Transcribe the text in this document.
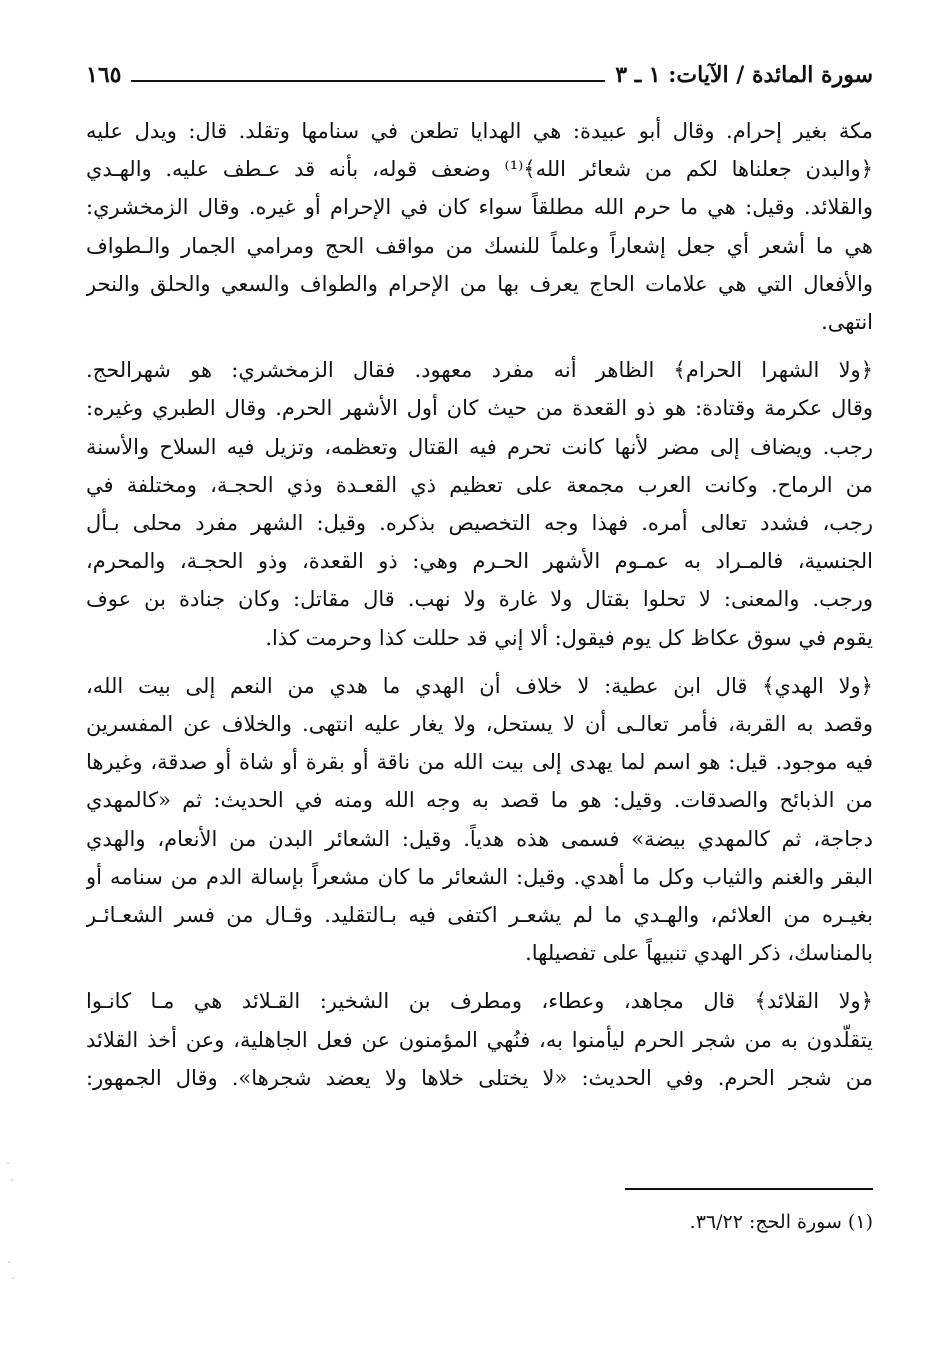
سورة المائدة / الآيات: ١ ـ ٣
١٦٥
مكة بغير إحرام. وقال أبو عبيدة: هي الهدايا تطعن في سنامها وتقلد. قال: ويدل عليه
﴿والبدن جعلناها لكم من شعائر الله﴾⁽¹⁾ وضعف قوله، بأنه قد عـطف عليه. والهـدي
والقلائد. وقيل: هي ما حرم الله مطلقاً سواء كان في الإحرام أو غيره. وقال الزمخشري:
هي ما أشعر أي جعل إشعاراً وعلماً للنسك من مواقف الحج ومرامي الجمار والـطواف
والأفعال التي هي علامات الحاج يعرف بها من الإحرام والطواف والسعي والحلق والنحر
انتهى.
﴿ولا الشهرا الحرام﴾ الظاهر أنه مفرد معهود. فقال الزمخشري: هو شهرالحج.
وقال عكرمة وقتادة: هو ذو القعدة من حيث كان أول الأشهر الحرم. وقال الطبري وغيره:
رجب. ويضاف إلى مضر لأنها كانت تحرم فيه القتال وتعظمه، وتزيل فيه السلاح والأسنة
من الرماح. وكانت العرب مجمعة على تعظيم ذي القعـدة وذي الحجـة، ومختلفة في
رجب، فشدد تعالى أمره. فهذا وجه التخصيص بذكره. وقيل: الشهر مفرد محلى بـأل
الجنسية، فالمـراد به عمـوم الأشهر الحـرم وهي: ذو القعدة، وذو الحجـة، والمحرم،
ورجب. والمعنى: لا تحلوا بقتال ولا غارة ولا نهب. قال مقاتل: وكان جنادة بن عوف
يقوم في سوق عكاظ كل يوم فيقول: ألا إني قد حللت كذا وحرمت كذا.
﴿ولا الهدي﴾ قال ابن عطية: لا خلاف أن الهدي ما هدي من النعم إلى بيت الله،
وقصد به القربة، فأمر تعالـى أن لا يستحل، ولا يغار عليه انتهى. والخلاف عن المفسرين
فيه موجود. قيل: هو اسم لما يهدى إلى بيت الله من ناقة أو بقرة أو شاة أو صدقة، وغيرها
من الذبائح والصدقات. وقيل: هو ما قصد به وجه الله ومنه في الحديث: ثم «كالمهدي
دجاجة، ثم كالمهدي بيضة» فسمى هذه هدياً. وقيل: الشعائر البدن من الأنعام، والهدي
البقر والغنم والثياب وكل ما أهدي. وقيل: الشعائر ما كان مشعراً بإسالة الدم من سنامه أو
بغيـره من العلائم، والهـدي ما لم يشعـر اكتفى فيه بـالتقليد. وقـال من فسر الشعـائـر
بالمناسك، ذكر الهدي تنبيهاً على تفصيلها.
﴿ولا القلائد﴾ قال مجاهد، وعطاء، ومطرف بن الشخير: القـلائد هي مـا كانـوا
يتقلّدون به من شجر الحرم ليأمنوا به، فنُهي المؤمنون عن فعل الجاهلية، وعن أخذ القلائد
من شجر الحرم. وفي الحديث: «لا يختلى خلاها ولا يعضد شجرها». وقال الجمهور:
(١) سورة الحج: ٣٦/٢٢.
